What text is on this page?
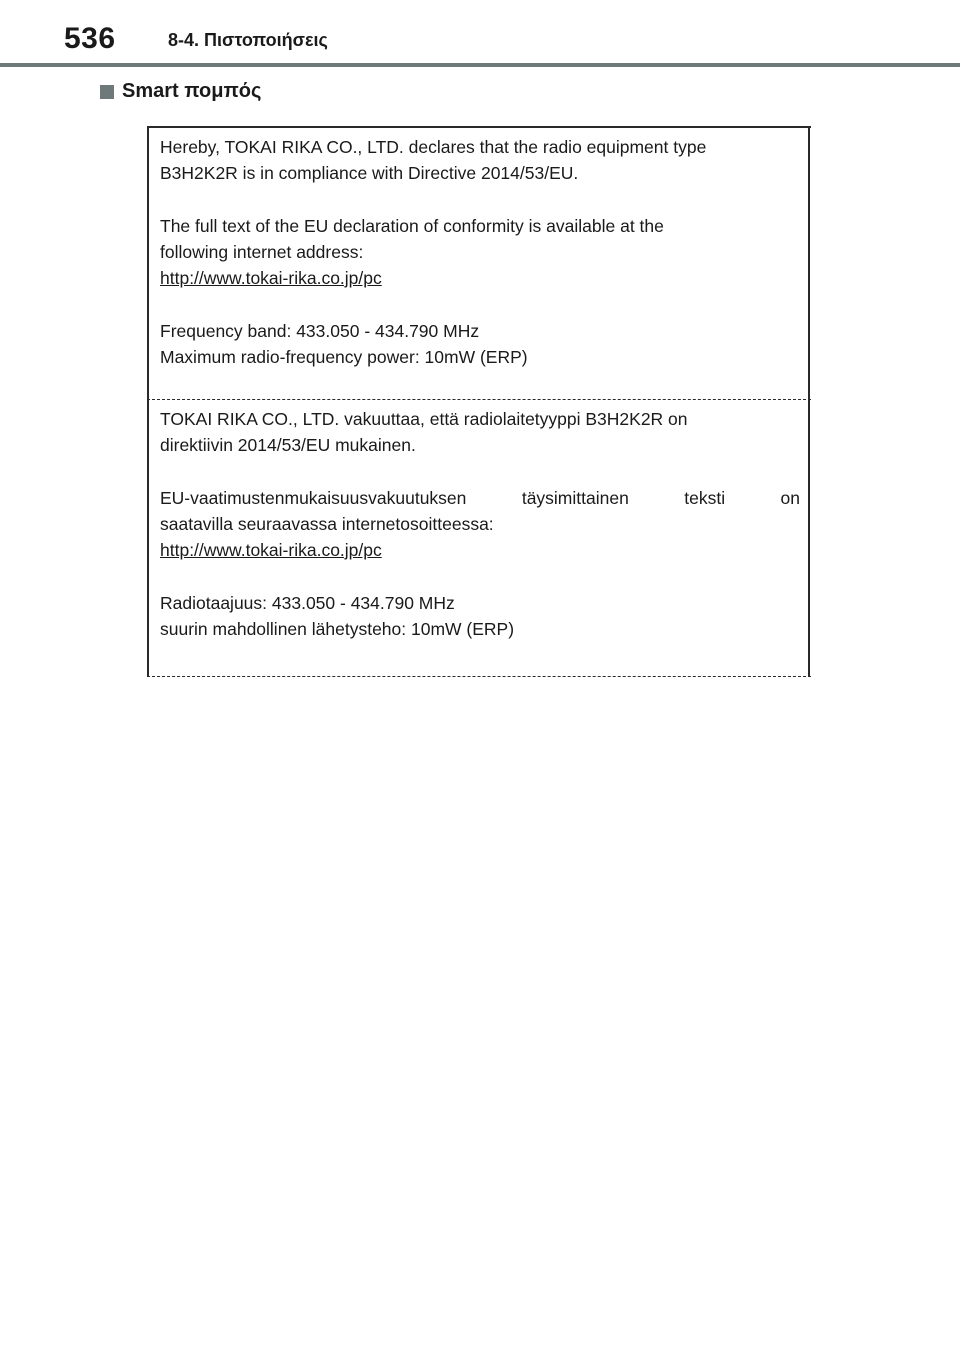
536	8-4. Πιστοποιήσεις
Smart πομπός

Hereby, TOKAI RIKA CO., LTD. declares that the radio equipment type

B3H2K2R is in compliance with Directive 2014/53/EU.

The full text of the EU declaration of conformity is available at the

following internet address:

http://www.tokai-rika.co.jp/pc

Frequency band: 433.050 - 434.790 MHz

Maximum radio-frequency power: 10mW (ERP)

TOKAI RIKA CO., LTD. vakuuttaa, että radiolaitetyyppi B3H2K2R on

direktiivin 2014/53/EU mukainen.

EU-vaatimustenmukaisuusvakuutuksen	täysimittainen	teksti	on

saatavilla seuraavassa internetosoitteessa:

http://www.tokai-rika.co.jp/pc

Radiotaajuus: 433.050 - 434.790 MHz

suurin mahdollinen lähetysteho: 10mW (ERP)
